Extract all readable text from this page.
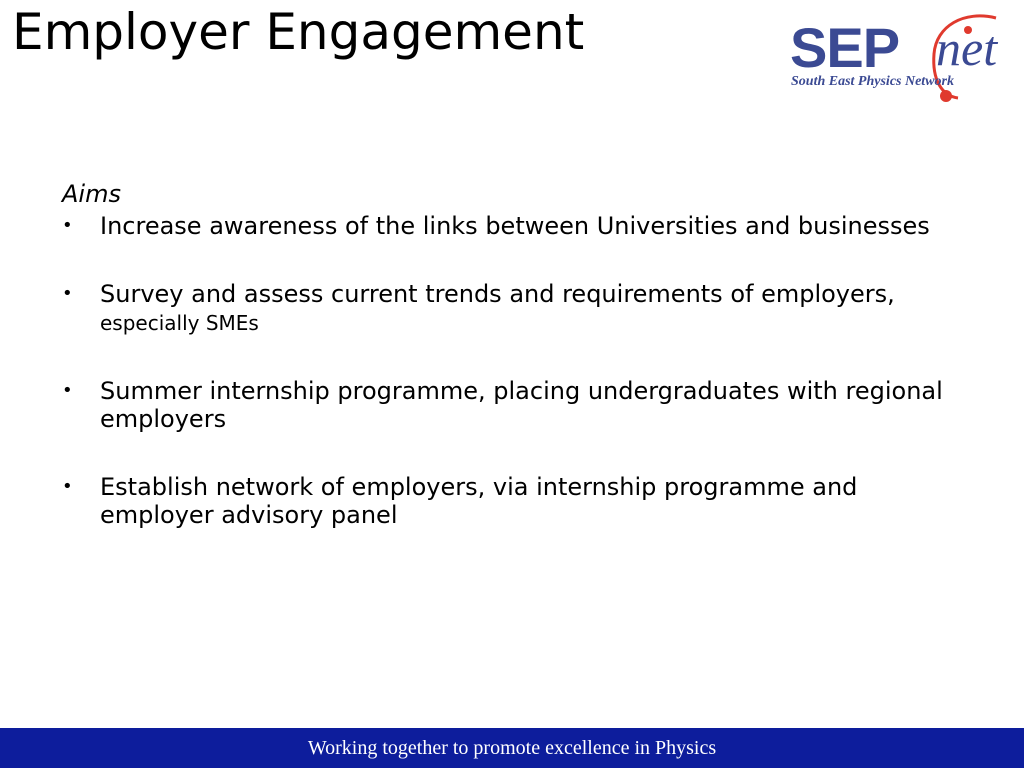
Employer Engagement	SEP net
South East Physics Network
Aims
• Increase awareness of the links between Universities and businesses
• Survey and assess current trends and requirements of employers, especially SMEs
• Summer internship programme, placing undergraduates with regional employers
• Establish network of employers, via internship programme and employer advisory panel
Working together to promote excellence in Physics
